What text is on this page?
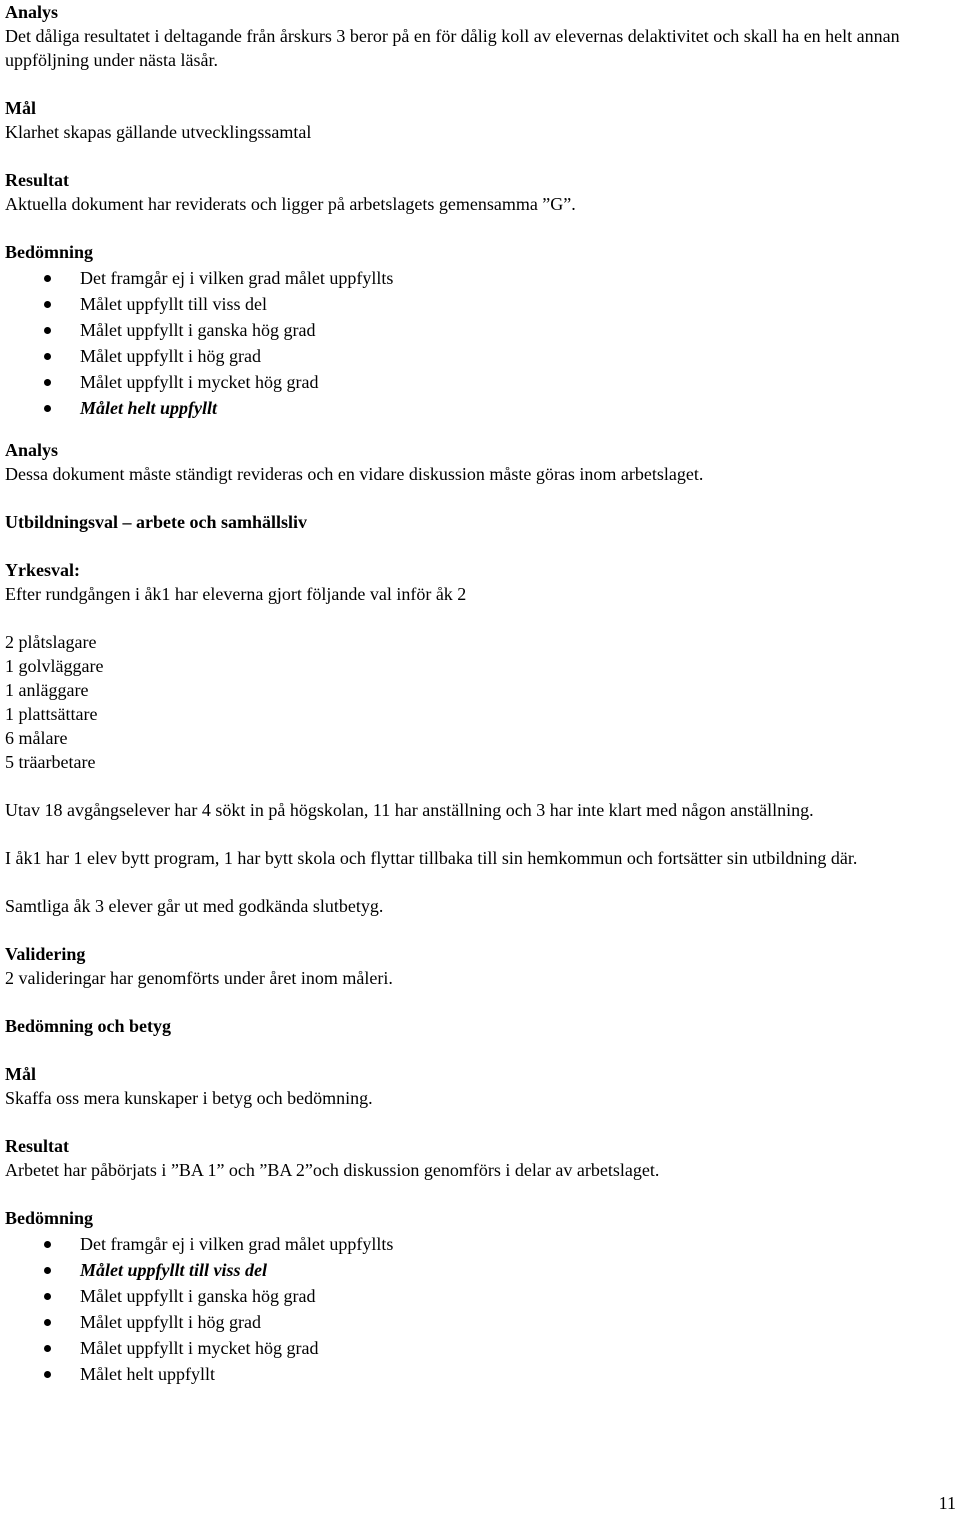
Analys

Det dåliga resultatet i deltagande från årskurs 3 beror på en för dålig koll av elevernas delaktivitet och skall ha en helt annan uppföljning under nästa läsår.

Mål

Klarhet skapas gällande utvecklingssamtal

Resultat

Aktuella dokument har reviderats och ligger på arbetslagets gemensamma ”G”.

Bedömning

Det framgår ej i vilken grad målet uppfyllts
Målet uppfyllt till viss del
Målet uppfyllt i ganska hög grad
Målet uppfyllt i hög grad
Målet uppfyllt i mycket hög grad
Målet helt uppfyllt

Analys

Dessa dokument måste ständigt revideras och en vidare diskussion måste göras inom arbetslaget.

Utbildningsval – arbete och samhällsliv

Yrkesval:

Efter rundgången i åk1 har eleverna gjort följande val inför åk 2

2 plåtslagare

1 golvläggare

1 anläggare

1 plattsättare

6 målare

5 träarbetare

Utav 18 avgångselever har 4 sökt in på högskolan, 11 har anställning och 3 har inte klart med någon anställning.

I åk1 har 1 elev bytt program, 1 har bytt skola och flyttar tillbaka till sin hemkommun och fortsätter sin utbildning där.

Samtliga åk 3 elever går ut med godkända slutbetyg.

Validering

2 valideringar har genomförts under året inom måleri.

Bedömning och betyg

Mål

Skaffa oss mera kunskaper i betyg och bedömning.

Resultat

Arbetet har påbörjats i ”BA 1” och ”BA 2”och diskussion genomförs i delar av arbetslaget.

Bedömning

Det framgår ej i vilken grad målet uppfyllts
Målet uppfyllt till viss del
Målet uppfyllt i ganska hög grad
Målet uppfyllt i hög grad
Målet uppfyllt i mycket hög grad
Målet helt uppfyllt
11
